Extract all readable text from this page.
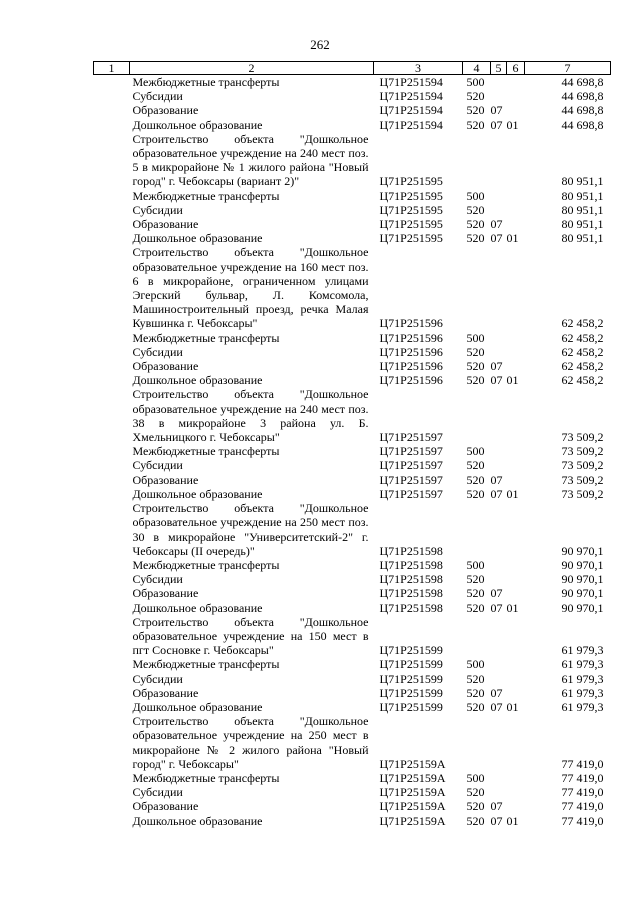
262
1	2	3	4	5	6	7
	Межбюджетные трансферты	Ц71P251594	500			44 698,8
	Субсидии	Ц71P251594	520			44 698,8
	Образование	Ц71P251594	520	07		44 698,8
	Дошкольное образование	Ц71P251594	520	07	01	44 698,8
	Строительство объекта "Дошкольное образовательное учреждение на 240 мест поз. 5 в микрорайоне № 1 жилого района "Новый город" г. Чебоксары (вариант 2)"	Ц71P251595				80 951,1
	Межбюджетные трансферты	Ц71P251595	500			80 951,1
	Субсидии	Ц71P251595	520			80 951,1
	Образование	Ц71P251595	520	07		80 951,1
	Дошкольное образование	Ц71P251595	520	07	01	80 951,1
	Строительство объекта "Дошкольное образовательное учреждение на 160 мест поз. 6 в микрорайоне, ограниченном улицами Эгерский бульвар, Л. Комсомола, Машиностроительный проезд, речка Малая Кувшинка г. Чебоксары"	Ц71P251596				62 458,2
	Межбюджетные трансферты	Ц71P251596	500			62 458,2
	Субсидии	Ц71P251596	520			62 458,2
	Образование	Ц71P251596	520	07		62 458,2
	Дошкольное образование	Ц71P251596	520	07	01	62 458,2
	Строительство объекта "Дошкольное образовательное учреждение на 240 мест поз. 38 в микрорайоне 3 района ул. Б. Хмельницкого г. Чебоксары"	Ц71P251597				73 509,2
	Межбюджетные трансферты	Ц71P251597	500			73 509,2
	Субсидии	Ц71P251597	520			73 509,2
	Образование	Ц71P251597	520	07		73 509,2
	Дошкольное образование	Ц71P251597	520	07	01	73 509,2
	Строительство объекта "Дошкольное образовательное учреждение на 250 мест поз. 30 в микрорайоне "Университетский-2" г. Чебоксары (II очередь)"	Ц71P251598				90 970,1
	Межбюджетные трансферты	Ц71P251598	500			90 970,1
	Субсидии	Ц71P251598	520			90 970,1
	Образование	Ц71P251598	520	07		90 970,1
	Дошкольное образование	Ц71P251598	520	07	01	90 970,1
	Строительство объекта "Дошкольное образовательное учреждение на 150 мест в пгт Сосновке г. Чебоксары"	Ц71P251599				61 979,3
	Межбюджетные трансферты	Ц71P251599	500			61 979,3
	Субсидии	Ц71P251599	520			61 979,3
	Образование	Ц71P251599	520	07		61 979,3
	Дошкольное образование	Ц71P251599	520	07	01	61 979,3
	Строительство объекта "Дошкольное образовательное учреждение на 250 мест в микрорайоне № 2 жилого района "Новый город" г. Чебоксары"	Ц71P25159A				77 419,0
	Межбюджетные трансферты	Ц71P25159A	500			77 419,0
	Субсидии	Ц71P25159A	520			77 419,0
	Образование	Ц71P25159A	520	07		77 419,0
	Дошкольное образование	Ц71P25159A	520	07	01	77 419,0
